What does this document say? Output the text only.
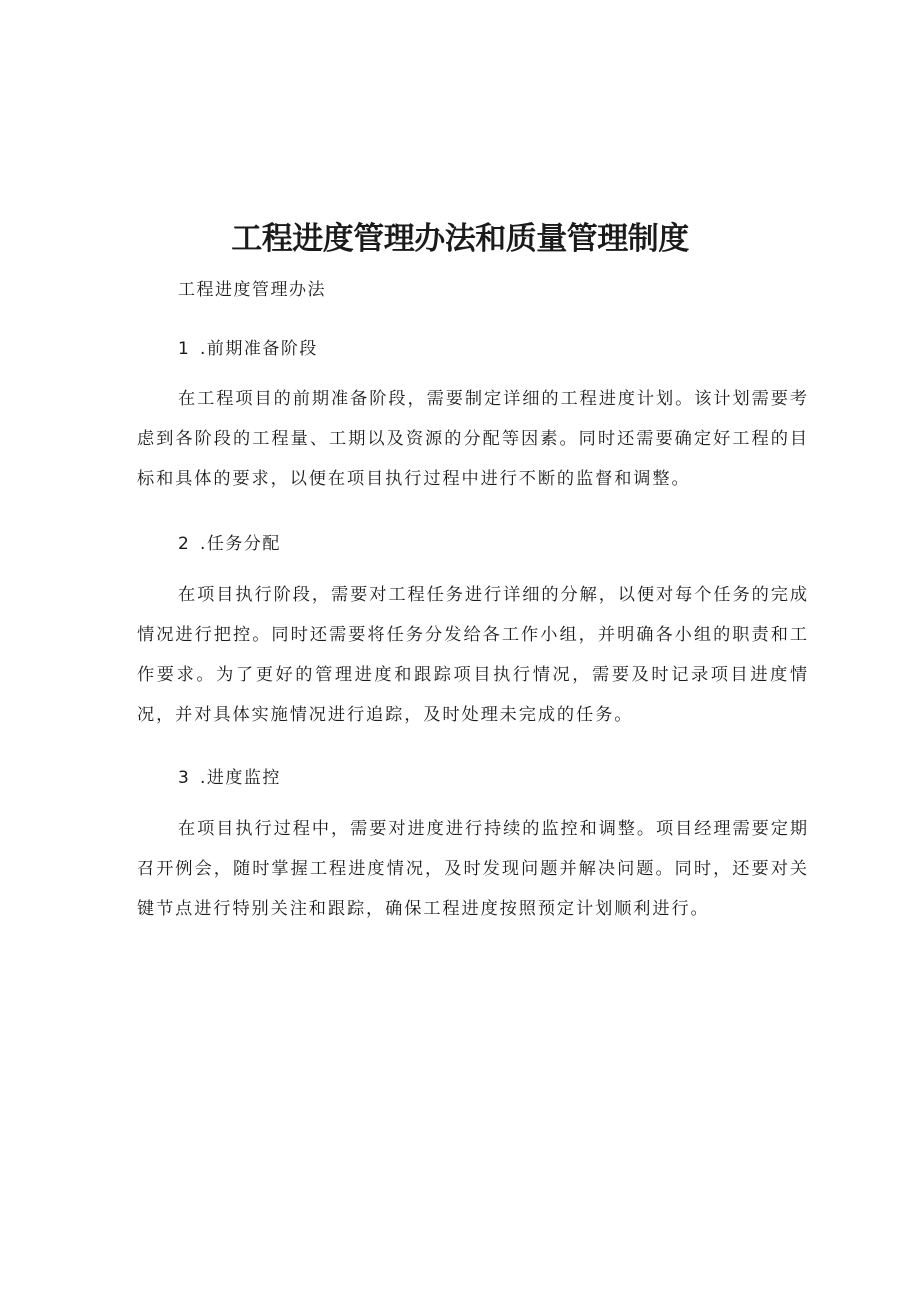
工程进度管理办法和质量管理制度

工程进度管理办法

1 .前期准备阶段

在工程项目的前期准备阶段，需要制定详细的工程进度计划。该计划需要考虑到各阶段的工程量、工期以及资源的分配等因素。同时还需要确定好工程的目标和具体的要求，以便在项目执行过程中进行不断的监督和调整。

2 .任务分配

在项目执行阶段，需要对工程任务进行详细的分解，以便对每个任务的完成情况进行把控。同时还需要将任务分发给各工作小组，并明确各小组的职责和工作要求。为了更好的管理进度和跟踪项目执行情况，需要及时记录项目进度情况，并对具体实施情况进行追踪，及时处理未完成的任务。

3 .进度监控

在项目执行过程中，需要对进度进行持续的监控和调整。项目经理需要定期召开例会，随时掌握工程进度情况，及时发现问题并解决问题。同时，还要对关键节点进行特别关注和跟踪，确保工程进度按照预定计划顺利进行。
